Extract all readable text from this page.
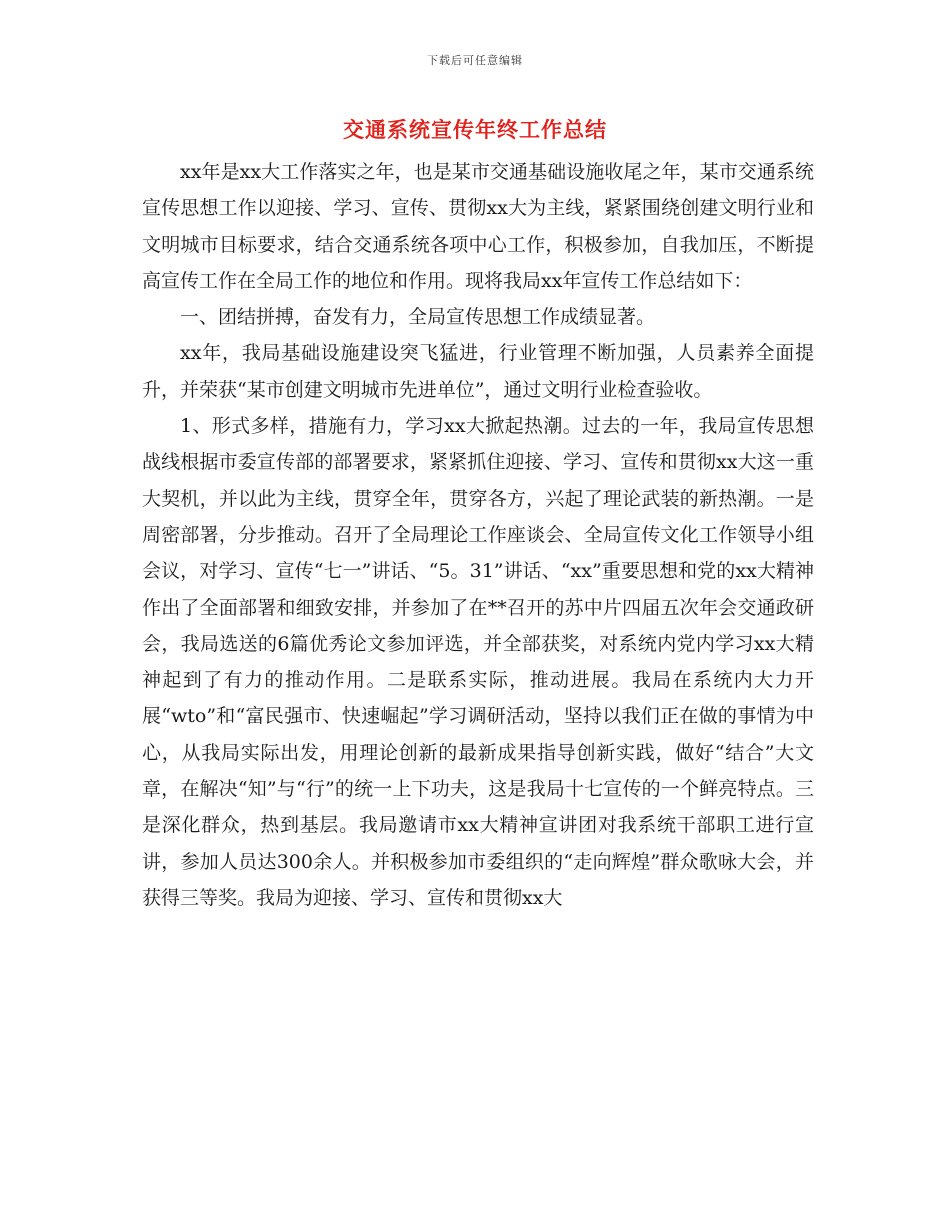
下载后可任意编辑
交通系统宣传年终工作总结

xx年是xx大工作落实之年，也是某市交通基础设施收尾之年，某市交通系统宣传思想工作以迎接、学习、宣传、贯彻xx大为主线，紧紧围绕创建文明行业和文明城市目标要求，结合交通系统各项中心工作，积极参加，自我加压，不断提高宣传工作在全局工作的地位和作用。现将我局xx年宣传工作总结如下：

一、团结拼搏，奋发有力，全局宣传思想工作成绩显著。

xx年，我局基础设施建设突飞猛进，行业管理不断加强，人员素养全面提升，并荣获“某市创建文明城市先进单位”，通过文明行业检查验收。

1、形式多样，措施有力，学习xx大掀起热潮。过去的一年，我局宣传思想战线根据市委宣传部的部署要求，紧紧抓住迎接、学习、宣传和贯彻xx大这一重大契机，并以此为主线，贯穿全年，贯穿各方，兴起了理论武装的新热潮。一是周密部署，分步推动。召开了全局理论工作座谈会、全局宣传文化工作领导小组会议，对学习、宣传“七一”讲话、“5。31”讲话、“xx”重要思想和党的xx大精神作出了全面部署和细致安排，并参加了在**召开的苏中片四届五次年会交通政研会，我局选送的6篇优秀论文参加评选，并全部获奖，对系统内党内学习xx大精神起到了有力的推动作用。二是联系实际，推动进展。我局在系统内大力开展“wto”和“富民强市、快速崛起”学习调研活动，坚持以我们正在做的事情为中心，从我局实际出发，用理论创新的最新成果指导创新实践，做好“结合”大文章，在解决“知”与“行”的统一上下功夫，这是我局十七宣传的一个鲜亮特点。三是深化群众，热到基层。我局邀请市xx大精神宣讲团对我系统干部职工进行宣讲，参加人员达300余人。并积极参加市委组织的“走向辉煌”群众歌咏大会，并获得三等奖。我局为迎接、学习、宣传和贯彻xx大
